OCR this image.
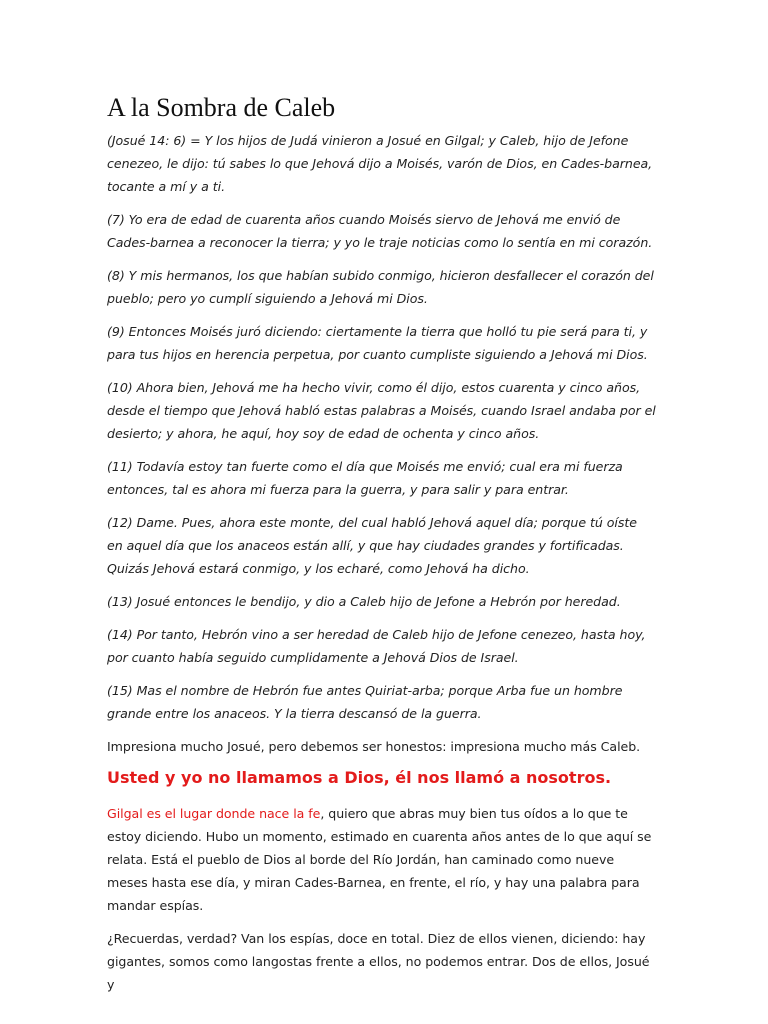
A la Sombra de Caleb

(Josué 14: 6) = Y los hijos de Judá vinieron a Josué en Gilgal; y Caleb, hijo de Jefone cenezeo, le dijo: tú sabes lo que Jehová dijo a Moisés, varón de Dios, en Cades-barnea, tocante a mí y a ti.

(7) Yo era de edad de cuarenta años cuando Moisés siervo de Jehová me envió de Cades-barnea a reconocer la tierra; y yo le traje noticias como lo sentía en mi corazón.

(8) Y mis hermanos, los que habían subido conmigo, hicieron desfallecer el corazón del pueblo; pero yo cumplí siguiendo a Jehová mi Dios.

(9) Entonces Moisés juró diciendo: ciertamente la tierra que holló tu pie será para ti, y para tus hijos en herencia perpetua, por cuanto cumpliste siguiendo a Jehová mi Dios.

(10) Ahora bien, Jehová me ha hecho vivir, como él dijo, estos cuarenta y cinco años, desde el tiempo que Jehová habló estas palabras a Moisés, cuando Israel andaba por el desierto; y ahora, he aquí, hoy soy de edad de ochenta y cinco años.

(11) Todavía estoy tan fuerte como el día que Moisés me envió; cual era mi fuerza entonces, tal es ahora mi fuerza para la guerra, y para salir y para entrar.

(12) Dame. Pues, ahora este monte, del cual habló Jehová aquel día; porque tú oíste en aquel día que los anaceos están allí, y que hay ciudades grandes y fortificadas. Quizás Jehová estará conmigo, y los echaré, como Jehová ha dicho.

(13) Josué entonces le bendijo, y dio a Caleb hijo de Jefone a Hebrón por heredad.

(14) Por tanto, Hebrón vino a ser heredad de Caleb hijo de Jefone cenezeo, hasta hoy, por cuanto había seguido cumplidamente a Jehová Dios de Israel.

(15) Mas el nombre de Hebrón fue antes Quiriat-arba; porque Arba fue un hombre grande entre los anaceos. Y la tierra descansó de la guerra.

Impresiona mucho Josué, pero debemos ser honestos: impresiona mucho más Caleb.

Usted y yo no llamamos a Dios, él nos llamó a nosotros.

Gilgal es el lugar donde nace la fe, quiero que abras muy bien tus oídos a lo que te estoy diciendo. Hubo un momento, estimado en cuarenta años antes de lo que aquí se relata. Está el pueblo de Dios al borde del Río Jordán, han caminado como nueve meses hasta ese día, y miran Cades-Barnea, en frente, el río, y hay una palabra para mandar espías.

¿Recuerdas, verdad? Van los espías, doce en total. Diez de ellos vienen, diciendo: hay gigantes, somos como langostas frente a ellos, no podemos entrar. Dos de ellos, Josué y
